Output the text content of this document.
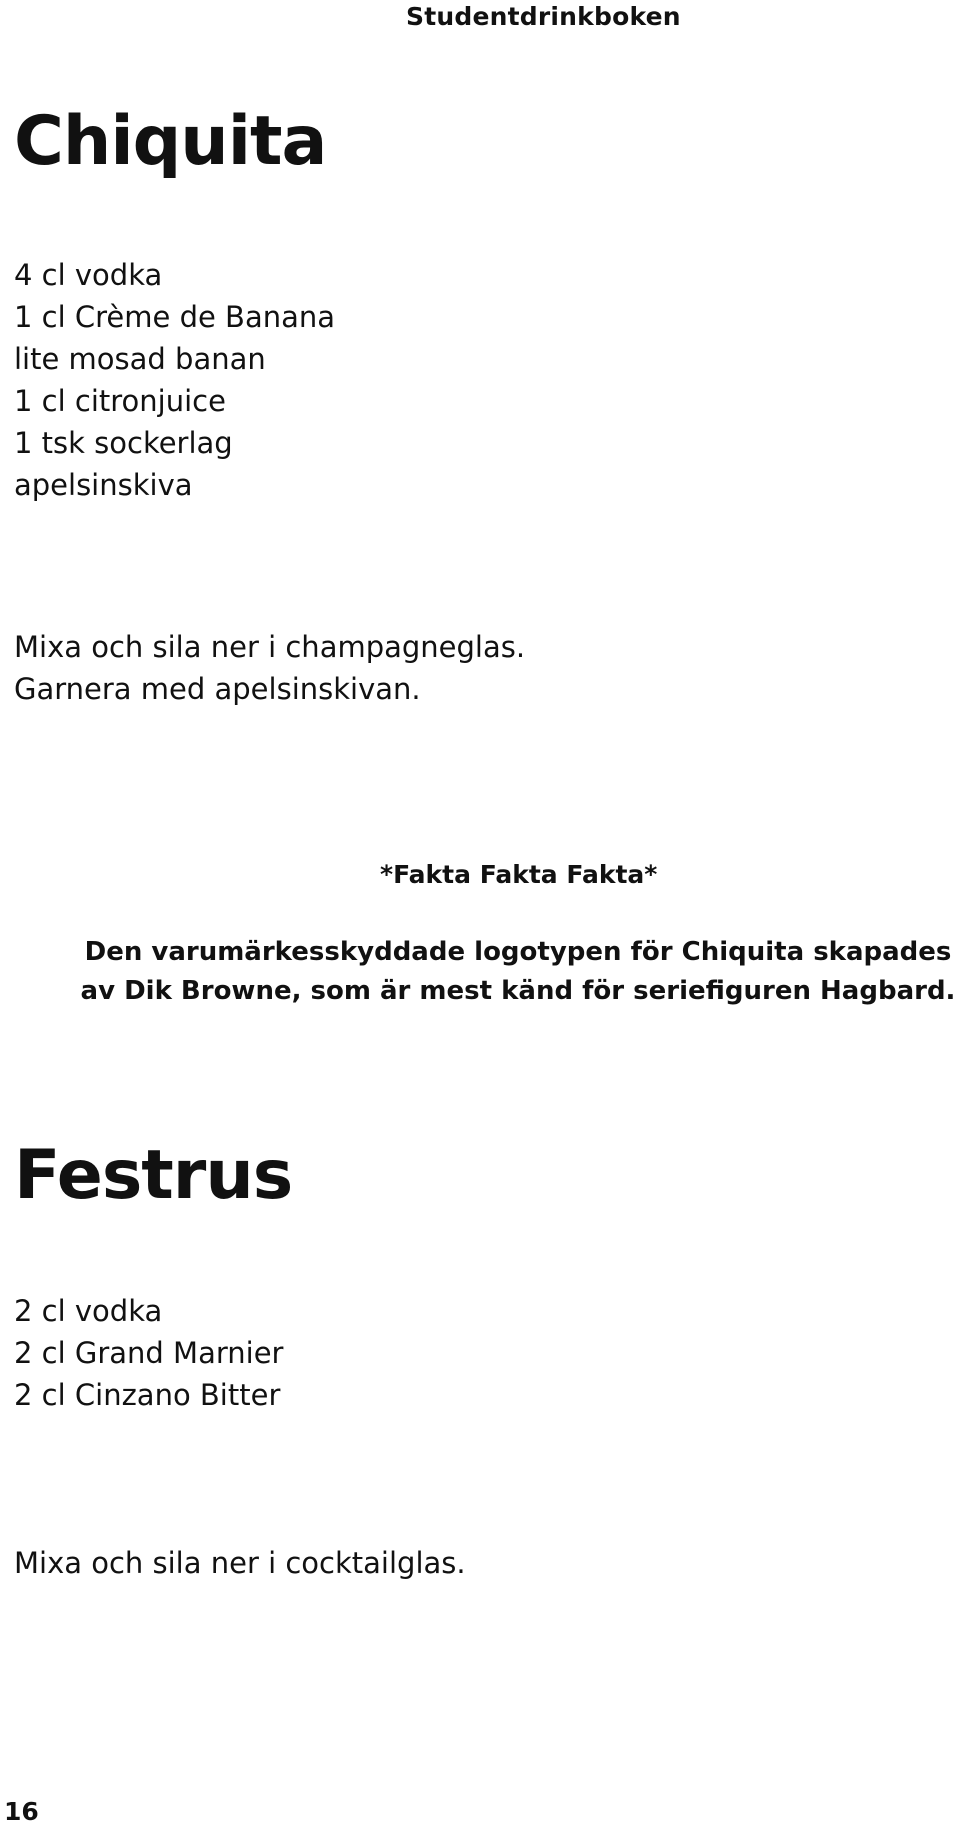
Studentdrinkboken
Chiquita
4 cl vodka
1 cl Crème de Banana
lite mosad banan
1 cl citronjuice
1 tsk sockerlag
apelsinskiva
Mixa och sila ner i champagneglas.
Garnera med apelsinskivan.
*Fakta Fakta Fakta*
Den varumärkesskyddade logotypen för Chiquita skapades
av Dik Browne, som är mest känd för seriefiguren Hagbard.
Festrus
2 cl vodka
2 cl Grand Marnier
2 cl Cinzano Bitter
Mixa och sila ner i cocktailglas.
16
